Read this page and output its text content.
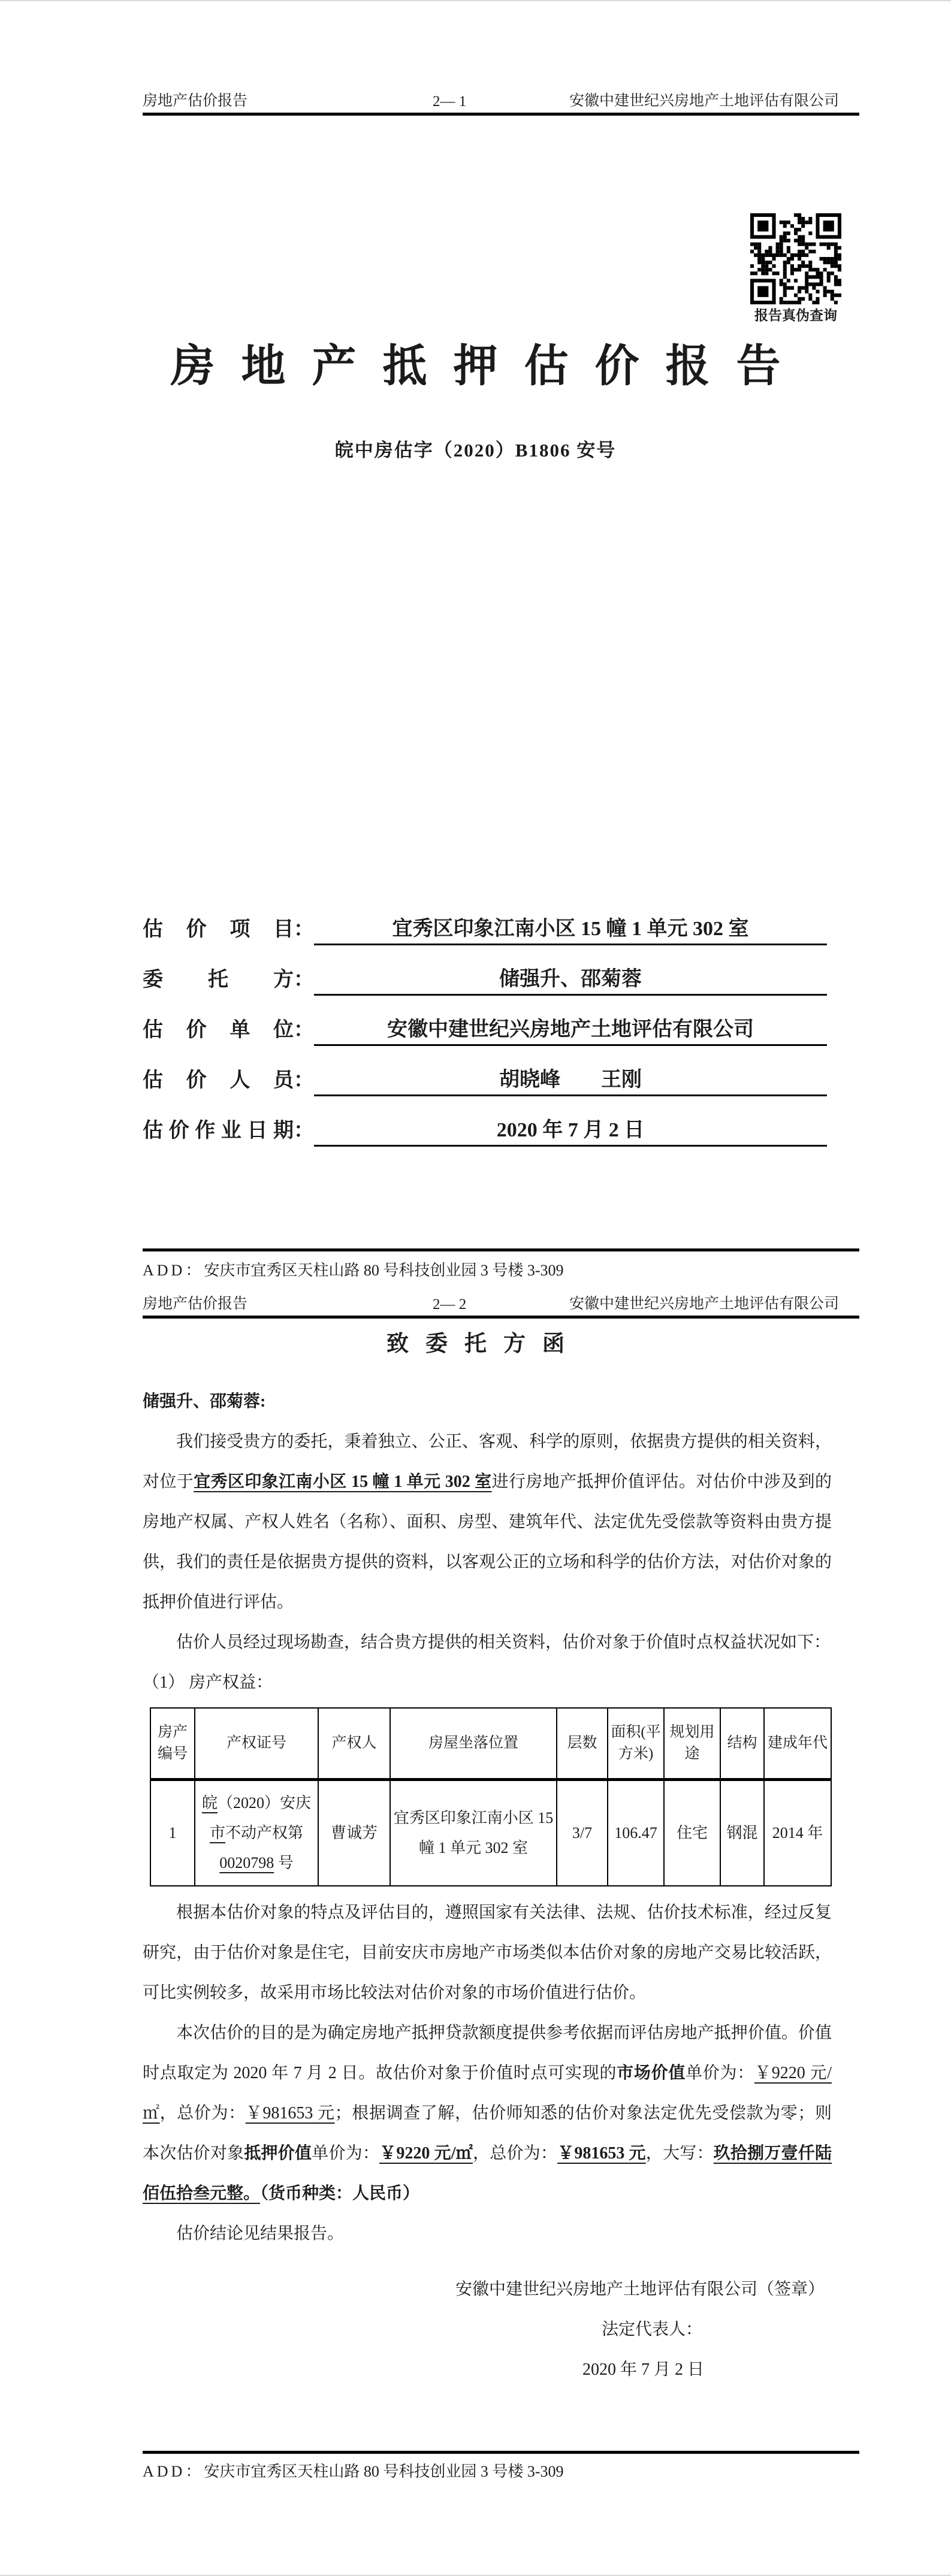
房地产估价报告	2— 1	安徽中建世纪兴房地产土地评估有限公司
报告真伪查询
房地产抵押估价报告
皖中房估字（2020）B1806 安号
估 价 项 目 ：	宜秀区印象江南小区 15 幢 1 单元 302 室
委 托 方 ：	储强升、邵菊蓉
估 价 单 位 ：	安徽中建世纪兴房地产土地评估有限公司
估 价 人 员 ：	胡晓峰　　王刚
估 价 作 业 日 期 ：	2020 年 7 月 2 日
ADD：安庆市宜秀区天柱山路 80 号科技创业园 3 号楼 3-309
房地产估价报告	2— 2	安徽中建世纪兴房地产土地评估有限公司
致委托方函

储强升、邵菊蓉:

我们接受贵方的委托，秉着独立、公正、客观、科学的原则，依据贵方提供的相关资料，对位于宜秀区印象江南小区 15 幢 1 单元 302 室进行房地产抵押价值评估。对估价中涉及到的房地产权属、产权人姓名（名称）、面积、房型、建筑年代、法定优先受偿款等资料由贵方提供，我们的责任是依据贵方提供的资料，以客观公正的立场和科学的估价方法，对估价对象的抵押价值进行评估。

估价人员经过现场勘查，结合贵方提供的相关资料，估价对象于价值时点权益状况如下：

（1） 房产权益：

房产编号	产权证号	产权人	房屋坐落位置	层数	面积(平方米)	规划用途	结构	建成年代
1	皖（2020）安庆市不动产权第 0020798 号	曹诚芳	宜秀区印象江南小区 15 幢 1 单元 302 室	3/7	106.47	住宅	钢混	2014 年

根据本估价对象的特点及评估目的，遵照国家有关法律、法规、估价技术标准，经过反复研究，由于估价对象是住宅，目前安庆市房地产市场类似本估价对象的房地产交易比较活跃，可比实例较多，故采用市场比较法对估价对象的市场价值进行估价。

本次估价的目的是为确定房地产抵押贷款额度提供参考依据而评估房地产抵押价值。价值时点取定为 2020 年 7 月 2 日。故估价对象于价值时点可实现的市场价值单价为：￥9220 元/㎡，总价为：￥981653 元；根据调查了解，估价师知悉的估价对象法定优先受偿款为零；则本次估价对象抵押价值单价为：￥9220 元/㎡，总价为：￥981653 元，大写：玖拾捌万壹仟陆佰伍拾叁元整。（货币种类：人民币）

估价结论见结果报告。

安徽中建世纪兴房地产土地评估有限公司（签章）
法定代表人：
2020 年 7 月 2 日
ADD：安庆市宜秀区天柱山路 80 号科技创业园 3 号楼 3-309
